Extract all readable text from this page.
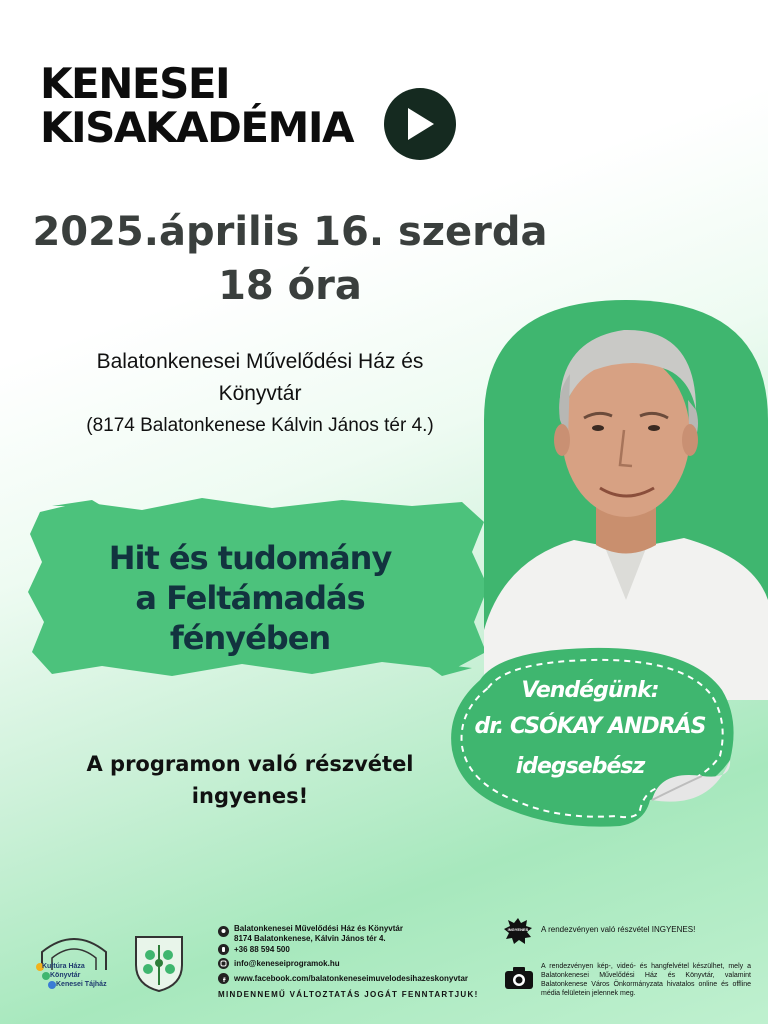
KENESEI
KISAKADÉMIA
2025.április 16. szerda
18 óra
Balatonkenesei Művelődési Ház és
Könyvtár
(8174 Balatonkenese Kálvin János tér 4.)
Hit és tudomány
a Feltámadás
fényében
Vendégünk:
dr. CSÓKAY ANDRÁS
idegsebész
A programon való részvétel
ingyenes!
Kultúra Háza
Könyvtár
Kenesei Tájház
Balatonkenesei Művelődési Ház és Könyvtár
8174 Balatonkenese, Kálvin János tér 4.
+36 88 594 500
info@keneseiprogramok.hu
www.facebook.com/balatonkeneseimuvelodesihazeskonyvtar
MINDENNEMŰ VÁLTOZTATÁS JOGÁT FENNTARTJUK!
INGYENES A rendezvényen való részvétel INGYENES!
A rendezvényen kép-, videó- és hangfelvétel készülhet, mely a Balatonkenesei Művelődési Ház és Könyvtár, valamint Balatonkenese Város Önkormányzata hivatalos online és offline média felületein jelennek meg.
